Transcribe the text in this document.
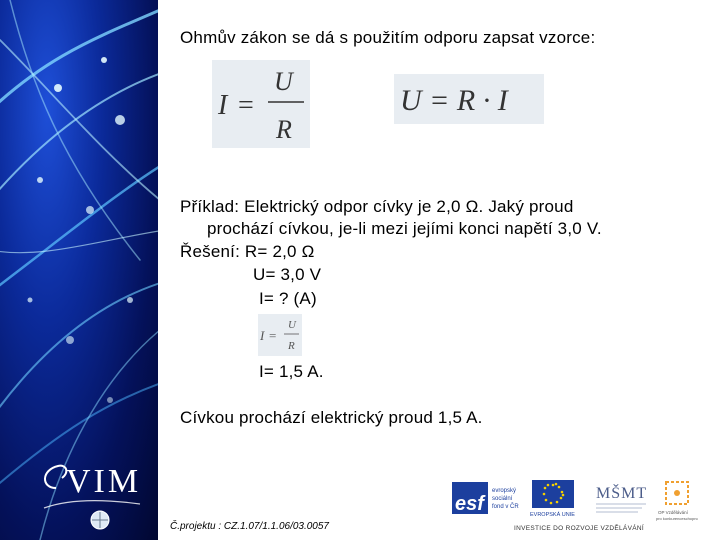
VIM
Ohmův zákon se dá s použitím odporu zapsat vzorce:
I =
U
R
U = R · I
Příklad: Elektrický odpor cívky je 2,0 Ω. Jaký proud
prochází cívkou, je-li mezi jejími konci napětí 3,0 V.
Řešení: R= 2,0 Ω
U= 3,0 V
I= ? (A)
I =
U
R
I= 1,5 A.
Cívkou prochází elektrický proud 1,5 A.
Č.projektu : CZ.1.07/1.1.06/03.0057
esf
evropský
sociální
fond v ČR
EVROPSKÁ UNIE
MŠMT
OP Vzdělávání
pro konkurenceschopnost
INVESTICE DO ROZVOJE VZDĚLÁVÁNÍ
